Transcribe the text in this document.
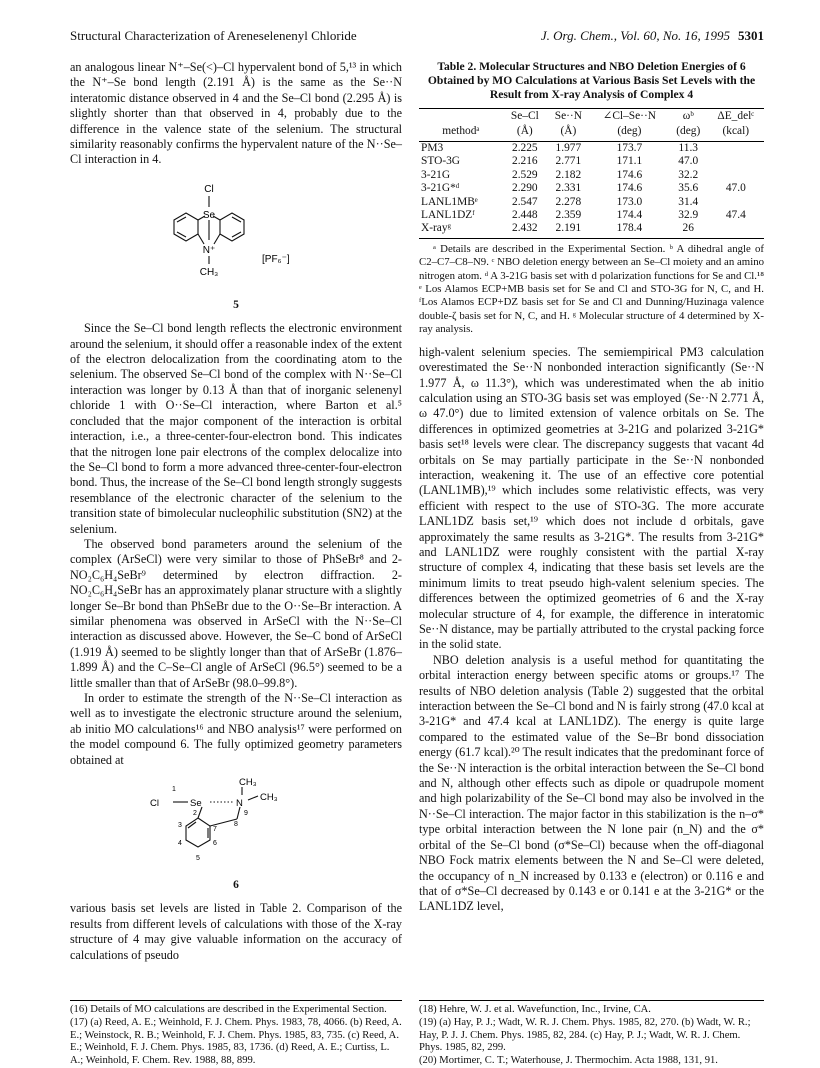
Structural Characterization of Areneselenenyl Chloride	J. Org. Chem., Vol. 60, No. 16, 1995 5301

an analogous linear N⁺–Se(<)–Cl hypervalent bond of 5,¹³ in which the N⁺–Se bond length (2.191 Å) is the same as the Se··N interatomic distance observed in 4 and the Se–Cl bond (2.295 Å) is slightly shorter than that observed in 4, probably due to the difference in the valence state of the selenium. The structural similarity reasonably confirms the hypervalent nature of the N··Se–Cl interaction in 4.

Cl
Se
N⁺
CH₃
[PF₆⁻]
5

Since the Se–Cl bond length reflects the electronic environment around the selenium, it should offer a reasonable index of the extent of the electron delocalization from the coordinating atom to the selenium. The observed Se–Cl bond of the complex with N··Se–Cl interaction was longer by 0.13 Å than that of inorganic selenenyl chloride 1 with O··Se–Cl interaction, where Barton et al.⁵ concluded that the major component of the interaction is orbital interaction, i.e., a three-center-four-electron bond. This indicates that the nitrogen lone pair electrons of the complex delocalize into the Se–Cl bond to form a more advanced three-center-four-electron bond. Thus, the increase of the Se–Cl bond length strongly suggests resemblance of the electronic character of the selenium to the transition state of bimolecular nucleophilic substitution (SN2) at the selenium.

The observed bond parameters around the selenium of the complex (ArSeCl) were very similar to those of PhSeBr⁸ and 2-NO₂C₆H₄SeBr⁹ determined by electron diffraction. 2-NO₂C₆H₄SeBr has an approximately planar structure with a slightly longer Se–Br bond than PhSeBr due to the O··Se–Br interaction. A similar phenomena was observed in ArSeCl with the N··Se–Cl interaction as discussed above. However, the Se–C bond of ArSeCl (1.919 Å) seemed to be slightly longer than that of ArSeBr (1.876–1.899 Å) and the C–Se–Cl angle of ArSeCl (96.5°) seemed to be a little smaller than that of ArSeBr (98.0–99.8°).

In order to estimate the strength of the N··Se–Cl interaction as well as to investigate the electronic structure around the selenium, ab initio MO calculations¹⁶ and NBO analysis¹⁷ were performed on the model compound 6. The fully optimized geometry parameters obtained at

CH₃
Cl	Se	N
CH₃
1
2
3
4
5
6
7
8
9
6

various basis set levels are listed in Table 2. Comparison of the results from different levels of calculations with those of the X-ray structure of 4 may give valuable information on the accuracy of calculations of pseudo

Table 2. Molecular Structures and NBO Deletion Energies of 6 Obtained by MO Calculations at Various Basis Set Levels with the Result from X-ray Analysis of Complex 4
	Se–Cl	Se··N	∠Cl–Se··N	ωᵇ	ΔE_delᶜ
methodᵃ	(Å)	(Å)	(deg)	(deg)	(kcal)
PM3	2.225	1.977	173.7	11.3	
STO-3G	2.216	2.771	171.1	47.0	
3-21G	2.529	2.182	174.6	32.2	
3-21G*ᵈ	2.290	2.331	174.6	35.6	47.0
LANL1MBᵉ	2.547	2.278	173.0	31.4	
LANL1DZᶠ	2.448	2.359	174.4	32.9	47.4
X-rayᵍ	2.432	2.191	178.4	26	
ᵃ Details are described in the Experimental Section. ᵇ A dihedral angle of C2–C7–C8–N9. ᶜ NBO deletion energy between an Se–Cl moiety and an amino nitrogen atom. ᵈ A 3-21G basis set with d polarization functions for Se and Cl.¹⁸ ᵉ Los Alamos ECP+MB basis set for Se and Cl and STO-3G for N, C, and H. ᶠLos Alamos ECP+DZ basis set for Se and Cl and Dunning/Huzinaga valence double-ζ basis set for N, C, and H. ᵍ Molecular structure of 4 determined by X-ray analysis.

high-valent selenium species. The semiempirical PM3 calculation overestimated the Se··N nonbonded interaction significantly (Se··N 1.977 Å, ω 11.3°), which was underestimated when the ab initio calculation using an STO-3G basis set was employed (Se··N 2.771 Å, ω 47.0°) due to limited extension of valence orbitals on Se. The differences in optimized geometries at 3-21G and polarized 3-21G* basis set¹⁸ levels were clear. The discrepancy suggests that vacant 4d orbitals on Se may partially participate in the Se··N nonbonded interaction, weakening it. The use of an effective core potential (LANL1MB),¹⁹ which includes some relativistic effects, was very efficient with respect to the use of STO-3G. The more accurate LANL1DZ basis set,¹⁹ which does not include d orbitals, gave approximately the same results as 3-21G*. The results from 3-21G* and LANL1DZ were roughly consistent with the partial X-ray structure of complex 4, indicating that these basis set levels are the minimum limits to treat pseudo high-valent selenium species. The differences between the optimized geometries of 6 and the X-ray molecular structure of 4, for example, the difference in interatomic Se··N distance, may be partially attributed to the crystal packing force in the solid state.

NBO deletion analysis is a useful method for quantitating the orbital interaction energy between specific atoms or groups.¹⁷ The results of NBO deletion analysis (Table 2) suggested that the orbital interaction between the Se–Cl bond and N is fairly strong (47.0 kcal at 3-21G* and 47.4 kcal at LANL1DZ). The energy is quite large compared to the estimated value of the Se–Br bond dissociation energy (61.7 kcal).²⁰ The result indicates that the predominant force of the Se··N interaction is the orbital interaction between the Se–Cl bond and N, although other effects such as dipole or quadrupole moment and high polarizability of the Se–Cl bond may also be involved in the N··Se–Cl interaction. The major factor in this stabilization is the n–σ* type orbital interaction between the N lone pair (n_N) and the σ* orbital of the Se–Cl bond (σ*Se–Cl) because when the off-diagonal NBO Fock matrix elements between the N and Se–Cl were deleted, the occupancy of n_N increased by 0.133 e (electron) or 0.116 e and that of σ*Se–Cl decreased by 0.143 e or 0.141 e at the 3-21G* or the LANL1DZ level,

(16) Details of MO calculations are described in the Experimental Section.
(17) (a) Reed, A. E.; Weinhold, F. J. Chem. Phys. 1983, 78, 4066. (b) Reed, A. E.; Weinstock, R. B.; Weinhold, F. J. Chem. Phys. 1985, 83, 735. (c) Reed, A. E.; Weinhold, F. J. Chem. Phys. 1985, 83, 1736. (d) Reed, A. E.; Curtiss, L. A.; Weinhold, F. Chem. Rev. 1988, 88, 899.
(18) Hehre, W. J. et al. Wavefunction, Inc., Irvine, CA.
(19) (a) Hay, P. J.; Wadt, W. R. J. Chem. Phys. 1985, 82, 270. (b) Wadt, W. R.; Hay, P. J. J. Chem. Phys. 1985, 82, 284. (c) Hay, P. J.; Wadt, W. R. J. Chem. Phys. 1985, 82, 299.
(20) Mortimer, C. T.; Waterhouse, J. Thermochim. Acta 1988, 131, 91.
